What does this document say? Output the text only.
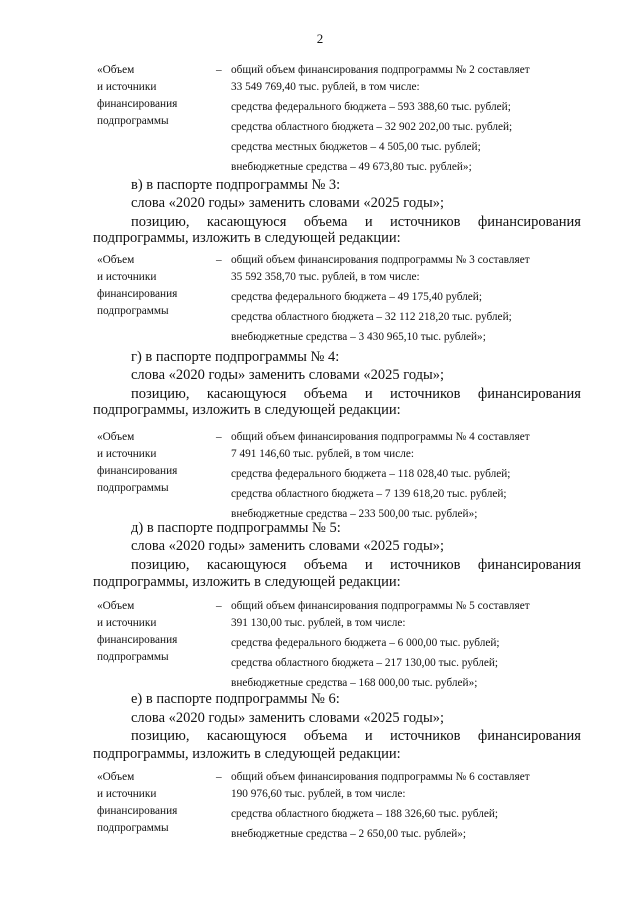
2
«Объем
и источники
финансирования
подпрограммы
– общий объем финансирования подпрограммы № 2 составляет
33 549 769,40 тыс. рублей, в том числе:
средства федерального бюджета – 593 388,60 тыс. рублей;
средства областного бюджета – 32 902 202,00 тыс. рублей;
средства местных бюджетов – 4 505,00 тыс. рублей;
внебюджетные средства – 49 673,80 тыс. рублей»;
в) в паспорте подпрограммы № 3:
слова «2020 годы» заменить словами «2025 годы»;
позицию, касающуюся объема и источников финансирования
подпрограммы, изложить в следующей редакции:
«Объем
и источники
финансирования
подпрограммы
– общий объем финансирования подпрограммы № 3 составляет
35 592 358,70 тыс. рублей, в том числе:
средства федерального бюджета – 49 175,40 рублей;
средства областного бюджета – 32 112 218,20 тыс. рублей;
внебюджетные средства – 3 430 965,10 тыс. рублей»;
г) в паспорте подпрограммы № 4:
слова «2020 годы» заменить словами «2025 годы»;
позицию, касающуюся объема и источников финансирования
подпрограммы, изложить в следующей редакции:
«Объем
и источники
финансирования
подпрограммы
– общий объем финансирования подпрограммы № 4 составляет
7 491 146,60 тыс. рублей, в том числе:
средства федерального бюджета – 118 028,40 тыс. рублей;
средства областного бюджета – 7 139 618,20 тыс. рублей;
внебюджетные средства – 233 500,00 тыс. рублей»;
д) в паспорте подпрограммы № 5:
слова «2020 годы» заменить словами «2025 годы»;
позицию, касающуюся объема и источников финансирования
подпрограммы, изложить в следующей редакции:
«Объем
и источники
финансирования
подпрограммы
– общий объем финансирования подпрограммы № 5 составляет
391 130,00 тыс. рублей, в том числе:
средства федерального бюджета – 6 000,00 тыс. рублей;
средства областного бюджета – 217 130,00 тыс. рублей;
внебюджетные средства – 168 000,00 тыс. рублей»;
е) в паспорте подпрограммы № 6:
слова «2020 годы» заменить словами «2025 годы»;
позицию, касающуюся объема и источников финансирования
подпрограммы, изложить в следующей редакции:
«Объем
и источники
финансирования
подпрограммы
– общий объем финансирования подпрограммы № 6 составляет
190 976,60 тыс. рублей, в том числе:
средства областного бюджета – 188 326,60 тыс. рублей;
внебюджетные средства – 2 650,00 тыс. рублей»;
